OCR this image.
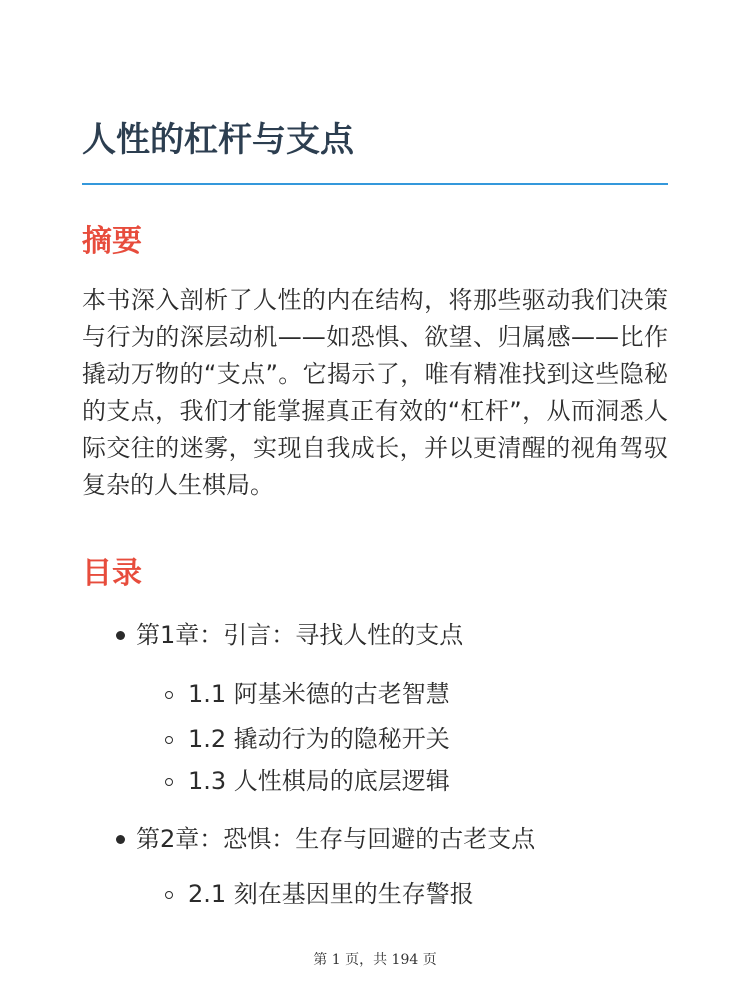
人性的杠杆与支点
摘要

本书深入剖析了人性的内在结构，将那些驱动我们决策与行为的深层动机——如恐惧、欲望、归属感——比作撬动万物的“支点”。它揭示了，唯有精准找到这些隐秘的支点，我们才能掌握真正有效的“杠杆”，从而洞悉人际交往的迷雾，实现自我成长，并以更清醒的视角驾驭复杂的人生棋局。

目录
第1章：引言：寻找人性的支点
1.1 阿基米德的古老智慧
1.2 撬动行为的隐秘开关
1.3 人性棋局的底层逻辑
第2章：恐惧：生存与回避的古老支点
2.1 刻在基因里的生存警报
第 1 页，共 194 页
